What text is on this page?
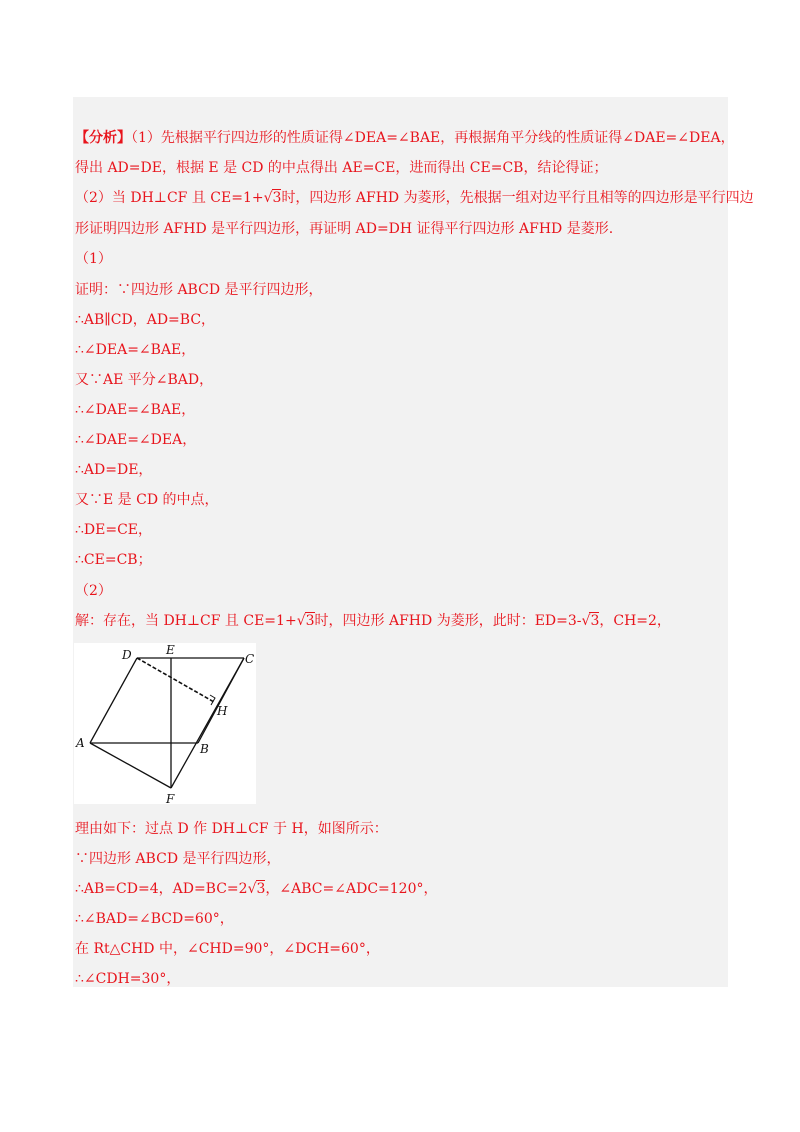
【分析】（1）先根据平行四边形的性质证得∠DEA=∠BAE，再根据角平分线的性质证得∠DAE=∠DEA，
得出 AD=DE，根据 E 是 CD 的中点得出 AE=CE，进而得出 CE=CB，结论得证；
（2）当 DH⊥CF 且 CE=1+√3时，四边形 AFHD 为菱形，先根据一组对边平行且相等的四边形是平行四边
形证明四边形 AFHD 是平行四边形，再证明 AD=DH 证得平行四边形 AFHD 是菱形.
（1）
证明：∵四边形 ABCD 是平行四边形，
∴AB∥CD，AD=BC，
∴∠DEA=∠BAE，
又∵AE 平分∠BAD，
∴∠DAE=∠BAE，
∴∠DAE=∠DEA，
∴AD=DE，
又∵E 是 CD 的中点，
∴DE=CE，
∴CE=CB；
（2）
解：存在，当 DH⊥CF 且 CE=1+√3时，四边形 AFHD 为菱形，此时：ED=3-√3，CH=2，
D	E
C
H
A	B
F
理由如下：过点 D 作 DH⊥CF 于 H，如图所示：
∵四边形 ABCD 是平行四边形，
∴AB=CD=4，AD=BC=2√3，∠ABC=∠ADC=120°，
∴∠BAD=∠BCD=60°，
在 Rt△CHD 中，∠CHD=90°，∠DCH=60°，
∴∠CDH=30°，
